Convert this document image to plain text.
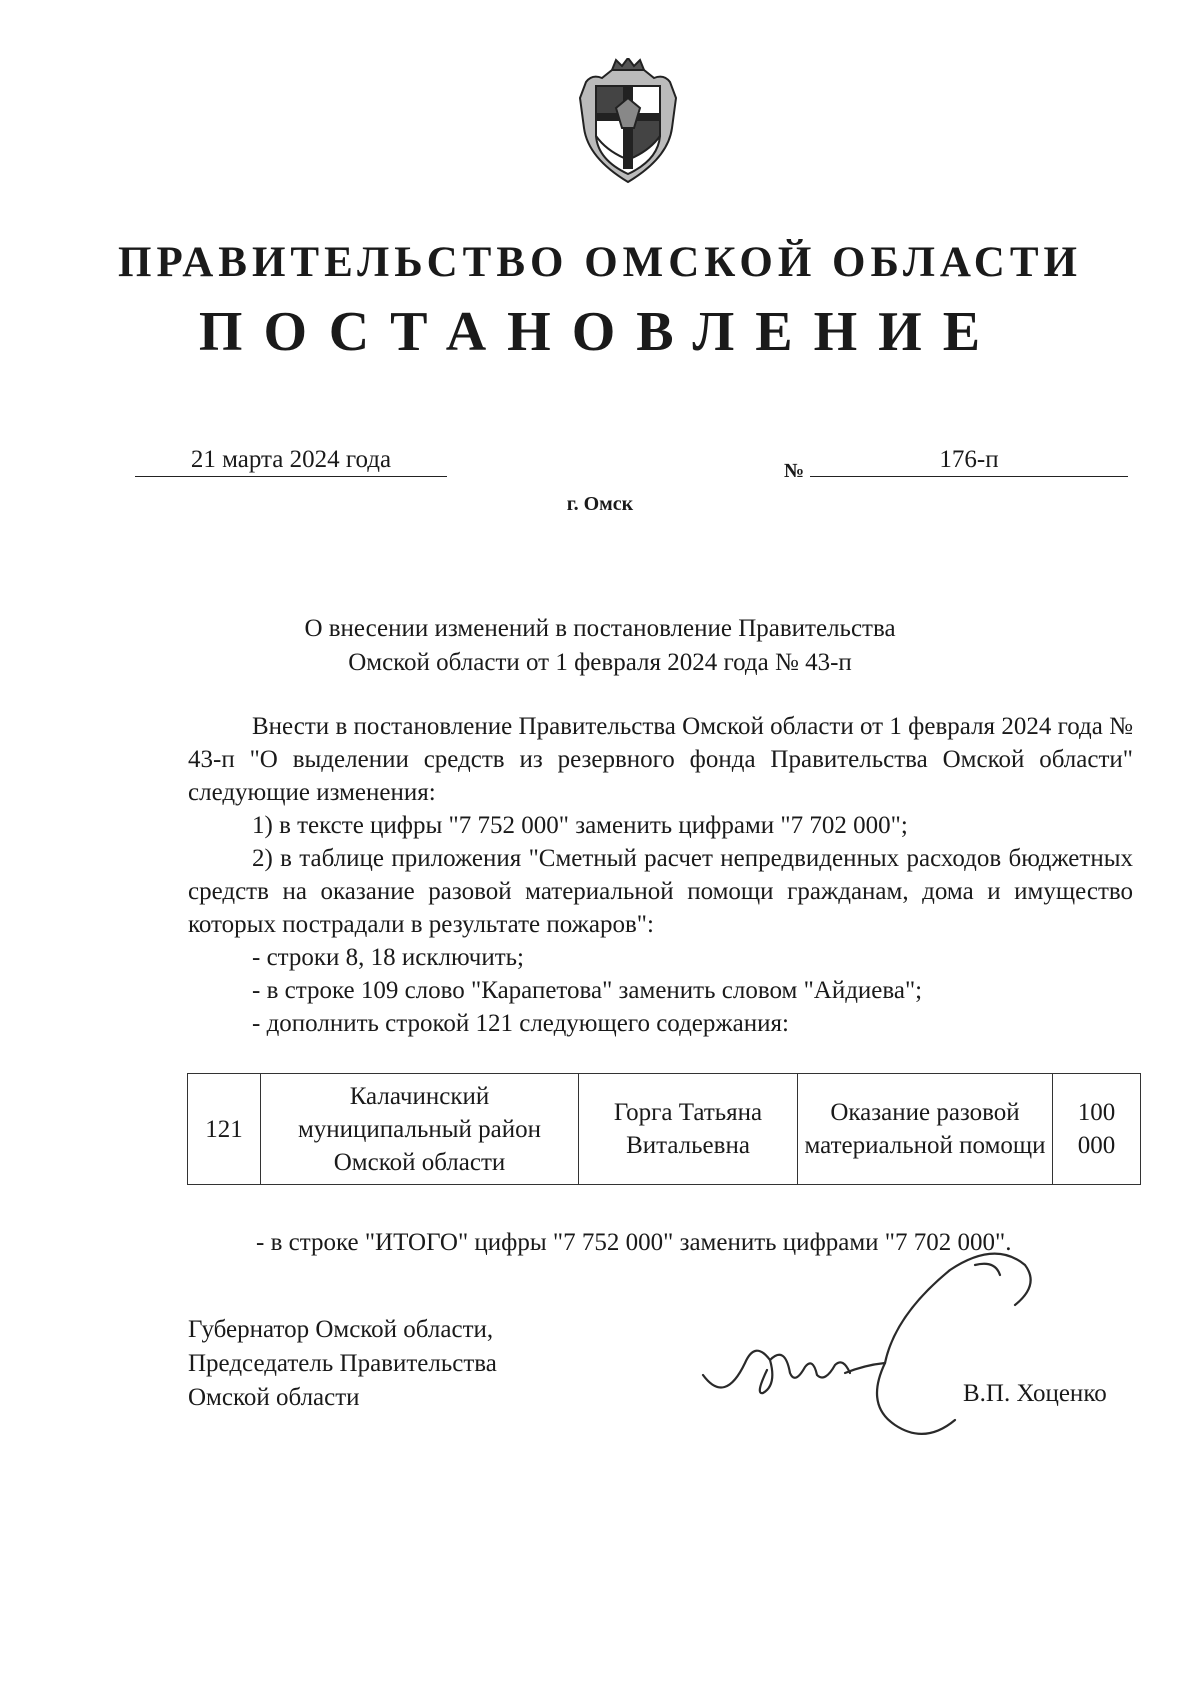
ПРАВИТЕЛЬСТВО ОМСКОЙ ОБЛАСТИ
ПОСТАНОВЛЕНИЕ
21 марта 2024 года	№	176-п
г. Омск
О внесении изменений в постановление Правительства
Омской области от 1 февраля 2024 года № 43-п

Внести в постановление Правительства Омской области от 1 февраля 2024 года № 43-п "О выделении средств из резервного фонда Правительства Омской области" следующие изменения:

1) в тексте цифры "7 752 000" заменить цифрами "7 702 000";

2) в таблице приложения "Сметный расчет непредвиденных расходов бюджетных средств на оказание разовой материальной помощи гражданам, дома и имущество которых пострадали в результате пожаров":

- строки 8, 18 исключить;

- в строке 109 слово "Карапетова" заменить словом "Айдиева";

- дополнить строкой 121 следующего содержания:

121	Калачинский муниципальный район Омской области	Горга Татьяна Витальевна	Оказание разовой материальной помощи	100 000
- в строке "ИТОГО" цифры "7 752 000" заменить цифрами "7 702 000".
Губернатор Омской области,
Председатель Правительства
Омской области	В.П. Хоценко
